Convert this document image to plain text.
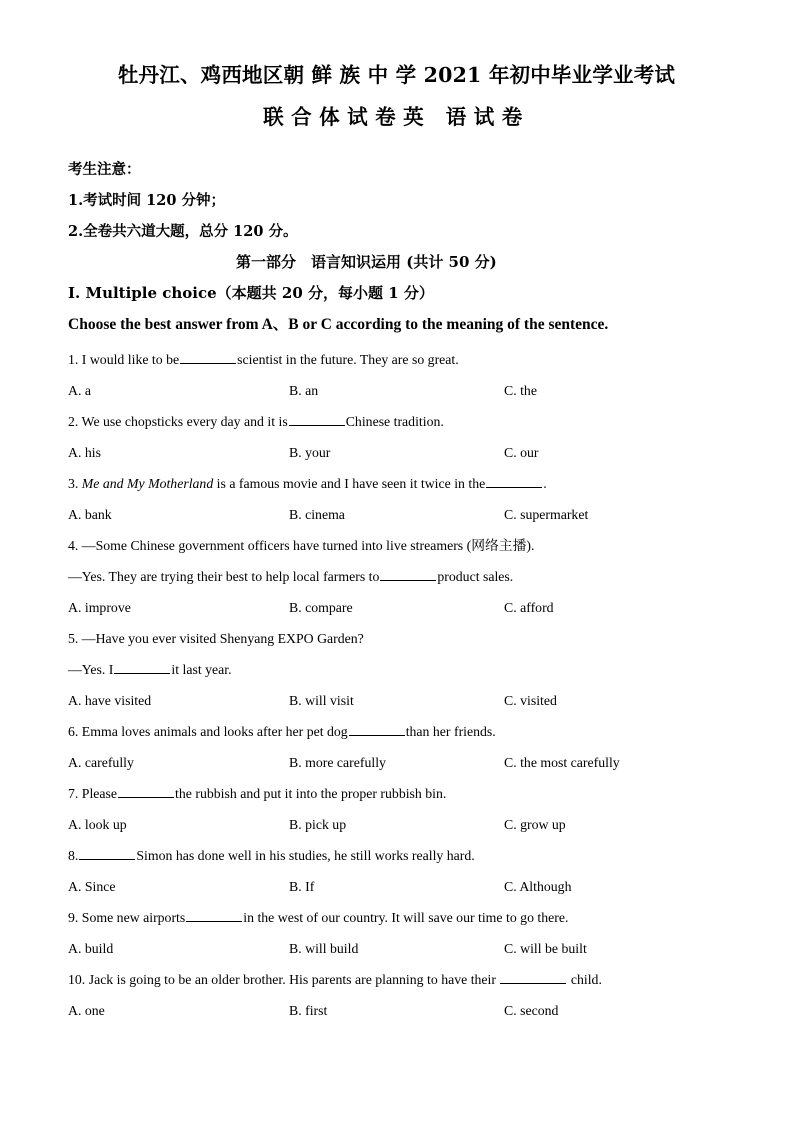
牡丹江、鸡西地区朝 鲜 族 中 学 2021 年初中毕业学业考试
联合体试卷英 语试卷
考生注意：
1.考试时间 120 分钟；
2.全卷共六道大题，总分 120 分。
第一部分　语言知识运用 (共计 50 分)
I. Multiple choice（本题共 20 分，每小题 1 分）
Choose the best answer from A、B or C according to the meaning of the sentence.
1. I would like to be	scientist in the future. They are so great.
A. a	B. an	C. the
2. We use chopsticks every day and it is	Chinese tradition.
A. his	B. your	C. our
3. Me and My Motherland is a famous movie and I have seen it twice in the	.
A. bank	B. cinema	C. supermarket
4. —Some Chinese government officers have turned into live streamers (网络主播).
—Yes. They are trying their best to help local farmers to	product sales.
A. improve	B. compare	C. afford
5. —Have you ever visited Shenyang EXPO Garden?
—Yes. I	it last year.
A. have visited	B. will visit	C. visited
6. Emma loves animals and looks after her pet dog	than her friends.
A. carefully	B. more carefully	C. the most carefully
7. Please	the rubbish and put it into the proper rubbish bin.
A. look up	B. pick up	C. grow up
8.	Simon has done well in his studies, he still works really hard.
A. Since	B. If	C. Although
9. Some new airports	in the west of our country. It will save our time to go there.
A. build	B. will build	C. will be built
10. Jack is going to be an older brother. His parents are planning to have their	child.
A. one	B. first	C. second
